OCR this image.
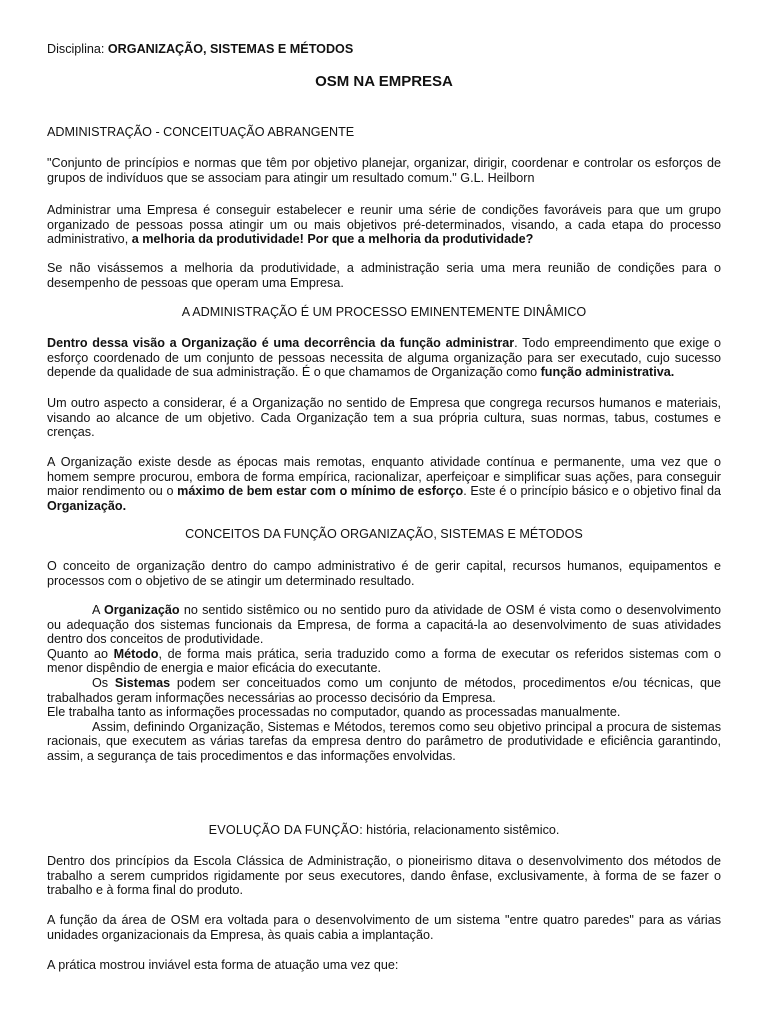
Disciplina: ORGANIZAÇÃO, SISTEMAS E MÉTODOS

OSM NA EMPRESA

ADMINISTRAÇÃO - CONCEITUAÇÃO ABRANGENTE

"Conjunto de princípios e normas que têm por objetivo planejar, organizar, dirigir, coordenar e controlar os esforços de grupos de indivíduos que se associam para atingir um resultado comum." G.L. Heilborn

Administrar uma Empresa é conseguir estabelecer e reunir uma série de condições favoráveis para que um grupo organizado de pessoas possa atingir um ou mais objetivos pré-determinados, visando, a cada etapa do processo administrativo, a melhoria da produtividade! Por que a melhoria da produtividade?

Se não visássemos a melhoria da produtividade, a administração seria uma mera reunião de condições para o desempenho de pessoas que operam uma Empresa.

A ADMINISTRAÇÃO É UM PROCESSO EMINENTEMENTE DINÂMICO

Dentro dessa visão a Organização é uma decorrência da função administrar. Todo empreendimento que exige o esforço coordenado de um conjunto de pessoas necessita de alguma organização para ser executado, cujo sucesso depende da qualidade de sua administração. É o que chamamos de Organização como função administrativa.

Um outro aspecto a considerar, é a Organização no sentido de Empresa que congrega recursos humanos e materiais, visando ao alcance de um objetivo. Cada Organização tem a sua própria cultura, suas normas, tabus, costumes e crenças.

A Organização existe desde as épocas mais remotas, enquanto atividade contínua e permanente, uma vez que o homem sempre procurou, embora de forma empírica, racionalizar, aperfeiçoar e simplificar suas ações, para conseguir maior rendimento ou o máximo de bem estar com o mínimo de esforço. Este é o princípio básico e o objetivo final da Organização.

CONCEITOS DA FUNÇÃO ORGANIZAÇÃO, SISTEMAS E MÉTODOS

O conceito de organização dentro do campo administrativo é de gerir capital, recursos humanos, equipamentos e processos com o objetivo de se atingir um determinado resultado.

A Organização no sentido sistêmico ou no sentido puro da atividade de OSM é vista como o desenvolvimento ou adequação dos sistemas funcionais da Empresa, de forma a capacitá-la ao desenvolvimento de suas atividades dentro dos conceitos de produtividade.
Quanto ao Método, de forma mais prática, seria traduzido como a forma de executar os referidos sistemas com o menor dispêndio de energia e maior eficácia do executante.
Os Sistemas podem ser conceituados como um conjunto de métodos, procedimentos e/ou técnicas, que trabalhados geram informações necessárias ao processo decisório da Empresa.
Ele trabalha tanto as informações processadas no computador, quando as processadas manualmente.
Assim, definindo Organização, Sistemas e Métodos, teremos como seu objetivo principal a procura de sistemas racionais, que executem as várias tarefas da empresa dentro do parâmetro de produtividade e eficiência garantindo, assim, a segurança de tais procedimentos e das informações envolvidas.

EVOLUÇÃO DA FUNÇÃO: história, relacionamento sistêmico.

Dentro dos princípios da Escola Clássica de Administração, o pioneirismo ditava o desenvolvimento dos métodos de trabalho a serem cumpridos rigidamente por seus executores, dando ênfase, exclusivamente, à forma de se fazer o trabalho e à forma final do produto.

A função da área de OSM era voltada para o desenvolvimento de um sistema "entre quatro paredes" para as várias unidades organizacionais da Empresa, às quais cabia a implantação.

A prática mostrou inviável esta forma de atuação uma vez que:
